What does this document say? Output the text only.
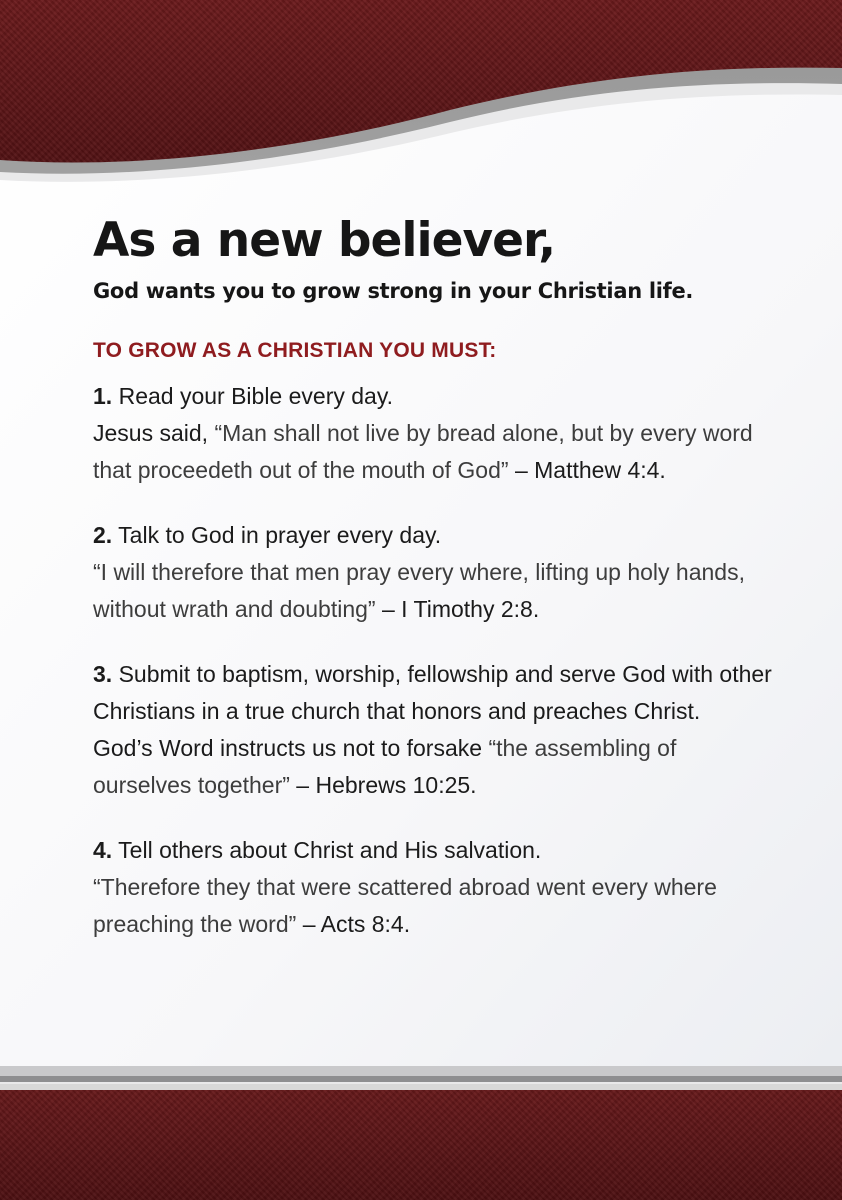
As a new believer,

God wants you to grow strong in your Christian life.

TO GROW AS A CHRISTIAN YOU MUST:

1. Read your Bible every day.
Jesus said, “Man shall not live by bread alone, but by every word that proceedeth out of the mouth of God” – Matthew 4:4.
2. Talk to God in prayer every day.
“I will therefore that men pray every where, lifting up holy hands, without wrath and doubting” – I Timothy 2:8.
3. Submit to baptism, worship, fellowship and serve God with other Christians in a true church that honors and preaches Christ.
God’s Word instructs us not to forsake “the assembling of ourselves together” – Hebrews 10:25.
4. Tell others about Christ and His salvation.
“Therefore they that were scattered abroad went every where preaching the word” – Acts 8:4.
